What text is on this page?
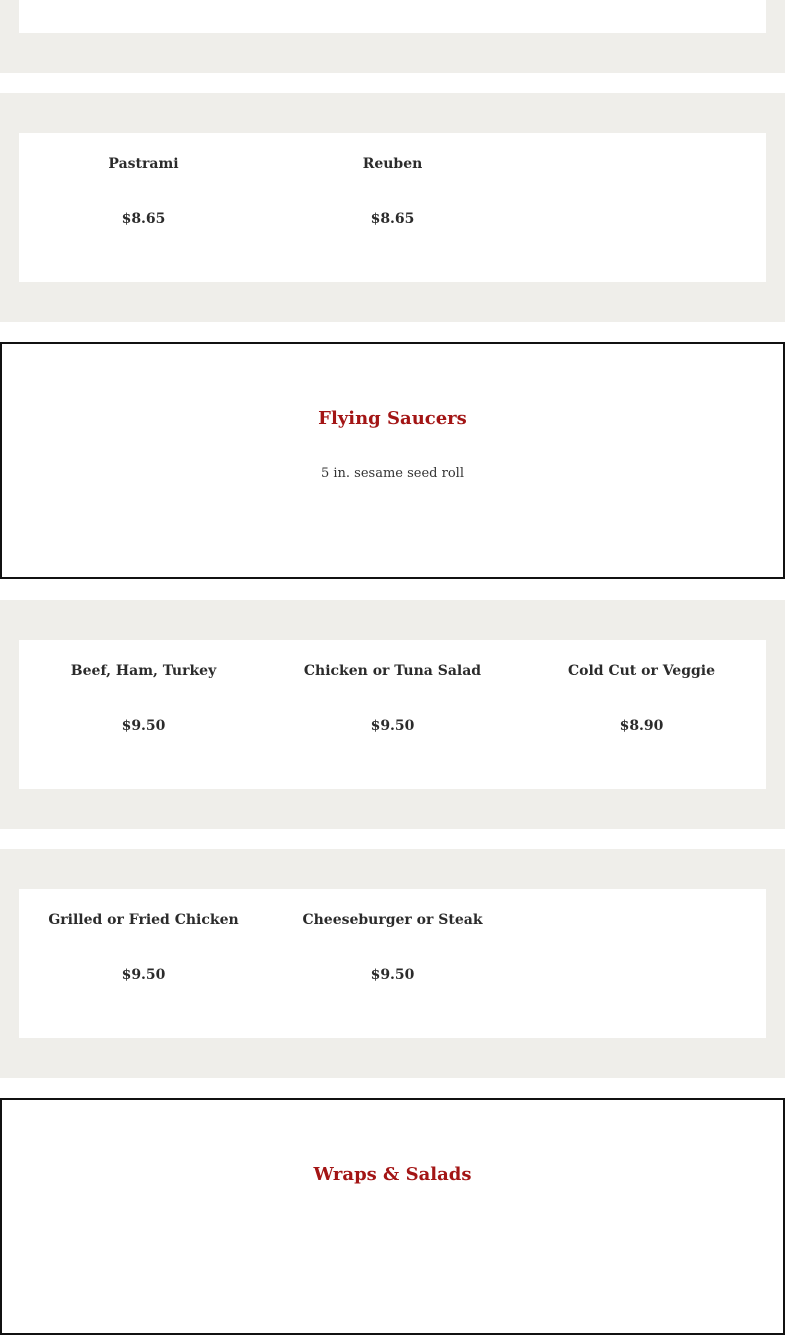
Pastrami
$8.65
Reuben
$8.65
Flying Saucers
5 in. sesame seed roll
Beef, Ham, Turkey
$9.50
Chicken or Tuna Salad
$9.50
Cold Cut or Veggie
$8.90
Grilled or Fried Chicken
$9.50
Cheeseburger or Steak
$9.50
Wraps & Salads
